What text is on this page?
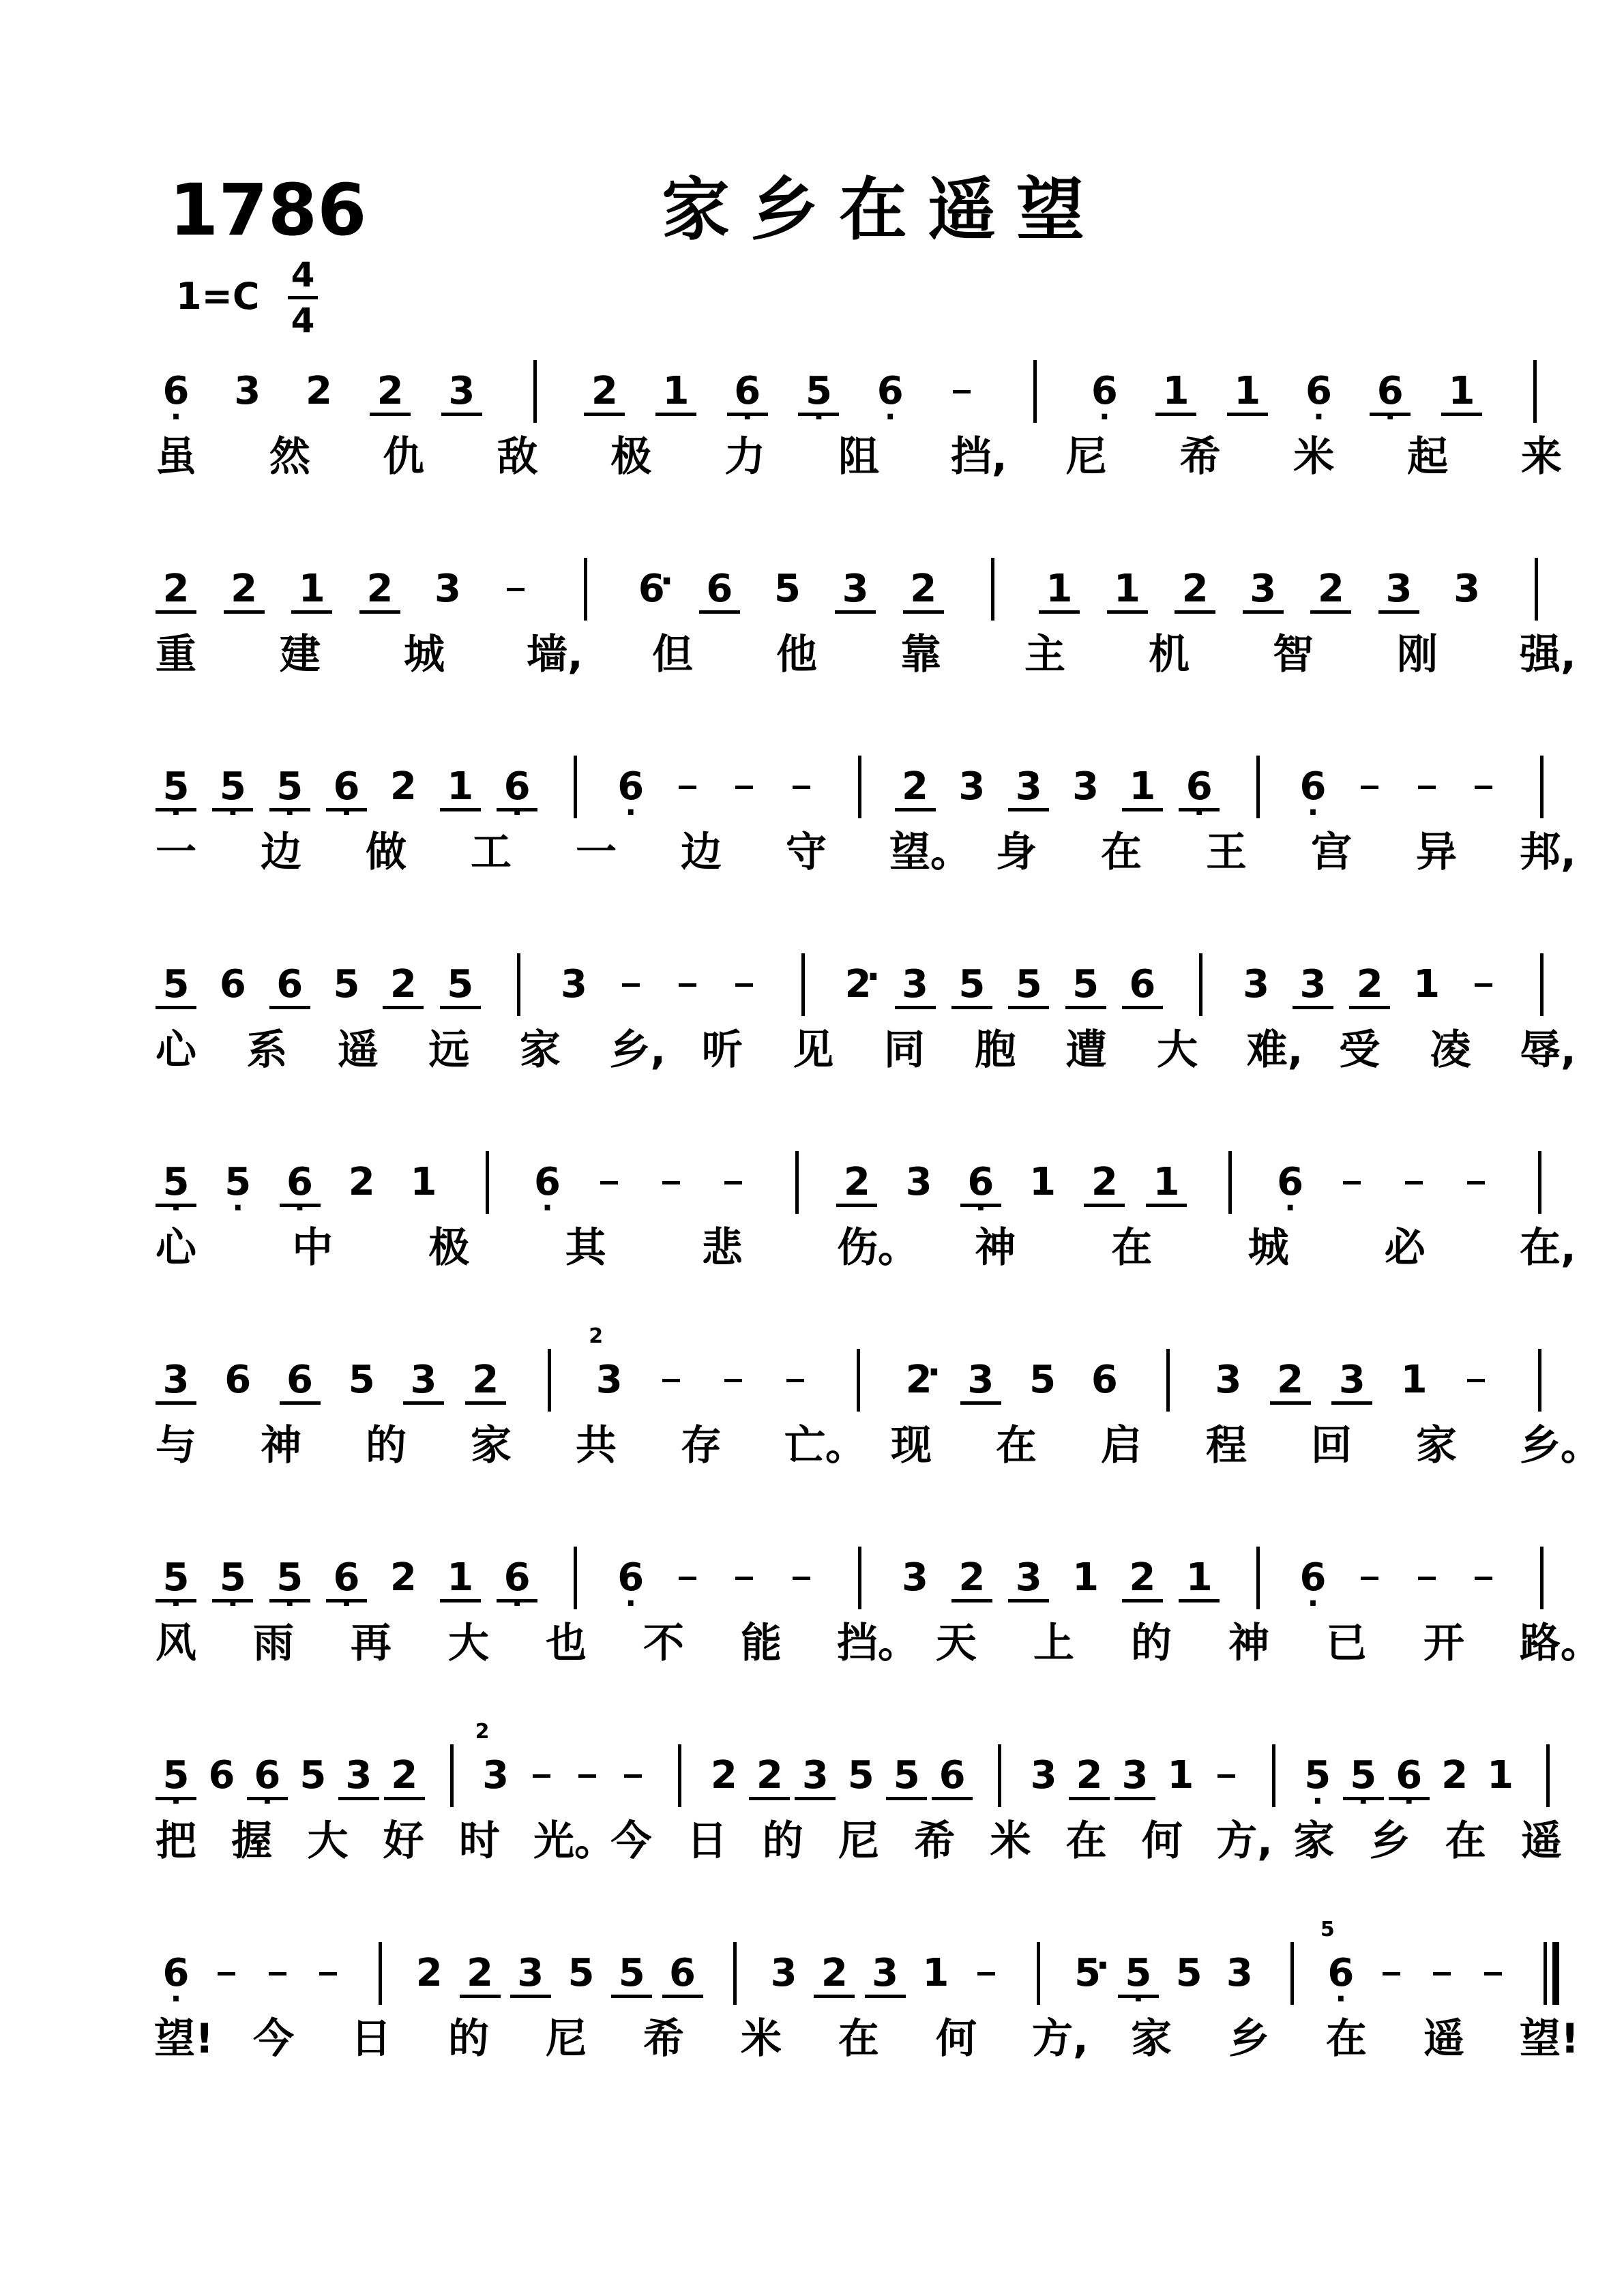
1786	家乡在遥望
1=C 4
4
· 6 3 2 2 3	2 1 · 6 · 5 · 6	· 6 1 1 · 6 · 6 1
虽 然 仇 敌 极 力 阻 挡, 尼 希 米 起 来
2 2 1 2 3	· 6 6 5 3 2	1 1 2 3 2 3 3
重 建 城 墙, 但 他 靠 主 机 智 刚 强,
· 5 · 5 · 5 · 6 2 1 · 6 · 6	2 3 3 3 1 · 6 · 6
一 边 做 工 一 边 守 望。 身 在 王 宫 异 邦,
5 6 6 5 2 5 3	· 2 3 5 5 5 6 3 3 2 1
心 系 遥 远 家 乡, 听 见 同 胞 遭 大 难, 受 凌 辱,
· 5 · 5 · 6 2 1	· 6	2 3 · 6 1 2 1	· 6
心 中 极 其 悲 伤。 神 在 城 必 在,
3 6 6 5 3 2	3	· 2 3 5 6	3 2 3 1
2
与 神 的 家 共 存 亡。 现 在 启 程 回 家 乡。
· 5 · 5 · 5 · 6 2 1 · 6 · 6	3 2 3 1 2 1 · 6
风 雨 再 大 也 不 能 挡。 天 上 的 神 已 开 路。
· 5 6 · 6 5 3 2 3	2 2 3 5 5 6 3 2 3 1	· 5 · 5 · 6 2 1
2
把 握 大 好 时 光。
今 日 的 尼 希 米 在 何 方, 家 乡 在 遥
· 6	2 2 3 5 5 6 3 2 3 1	· 5 · 5 5 3 · 6
5
望! 今 日 的 尼 希 米 在 何 方, 家 乡 在 遥 望!
